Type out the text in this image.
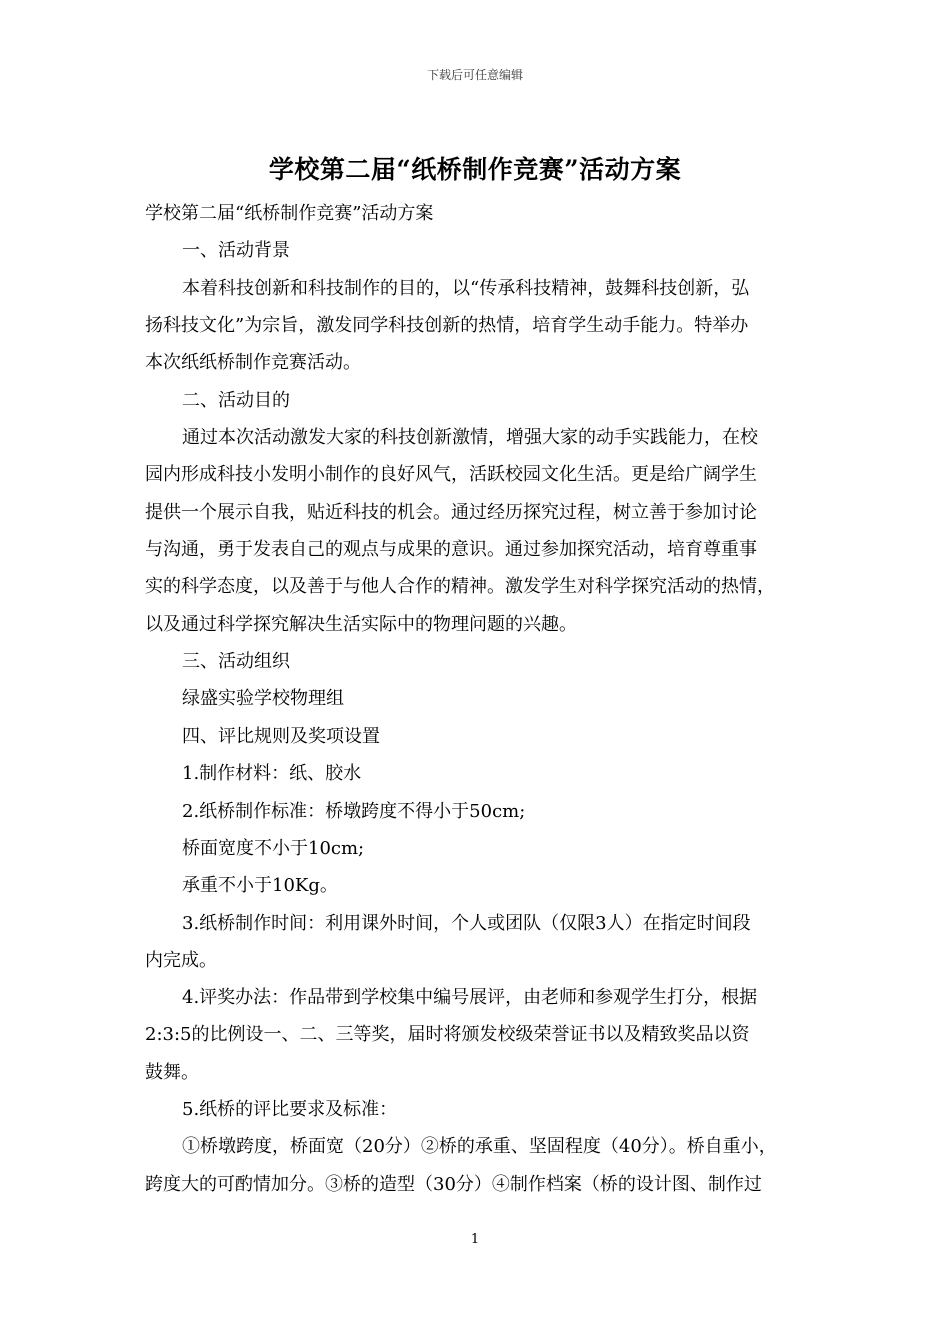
下载后可任意编辑
学校第二届“纸桥制作竞赛”活动方案
学校第二届“纸桥制作竞赛”活动方案
一、活动背景
本着科技创新和科技制作的目的，以“传承科技精神，鼓舞科技创新，弘
扬科技文化”为宗旨，激发同学科技创新的热情，培育学生动手能力。特举办
本次纸纸桥制作竞赛活动。
二、活动目的
通过本次活动激发大家的科技创新激情，增强大家的动手实践能力，在校
园内形成科技小发明小制作的良好风气，活跃校园文化生活。更是给广阔学生
提供一个展示自我，贴近科技的机会。通过经历探究过程，树立善于参加讨论
与沟通，勇于发表自己的观点与成果的意识。通过参加探究活动，培育尊重事
实的科学态度，以及善于与他人合作的精神。激发学生对科学探究活动的热情，
以及通过科学探究解决生活实际中的物理问题的兴趣。
三、活动组织
绿盛实验学校物理组
四、评比规则及奖项设置
1.制作材料：纸、胶水
2.纸桥制作标准：桥墩跨度不得小于50cm;
桥面宽度不小于10cm;
承重不小于10Kg。
3.纸桥制作时间：利用课外时间，个人或团队（仅限3人）在指定时间段
内完成。
4.评奖办法：作品带到学校集中编号展评，由老师和参观学生打分，根据
2:3:5的比例设一、二、三等奖，届时将颁发校级荣誉证书以及精致奖品以资
鼓舞。
5.纸桥的评比要求及标准：
①桥墩跨度，桥面宽（20分）②桥的承重、坚固程度（40分）。桥自重小，
跨度大的可酌情加分。③桥的造型（30分）④制作档案（桥的设计图、制作过
1
